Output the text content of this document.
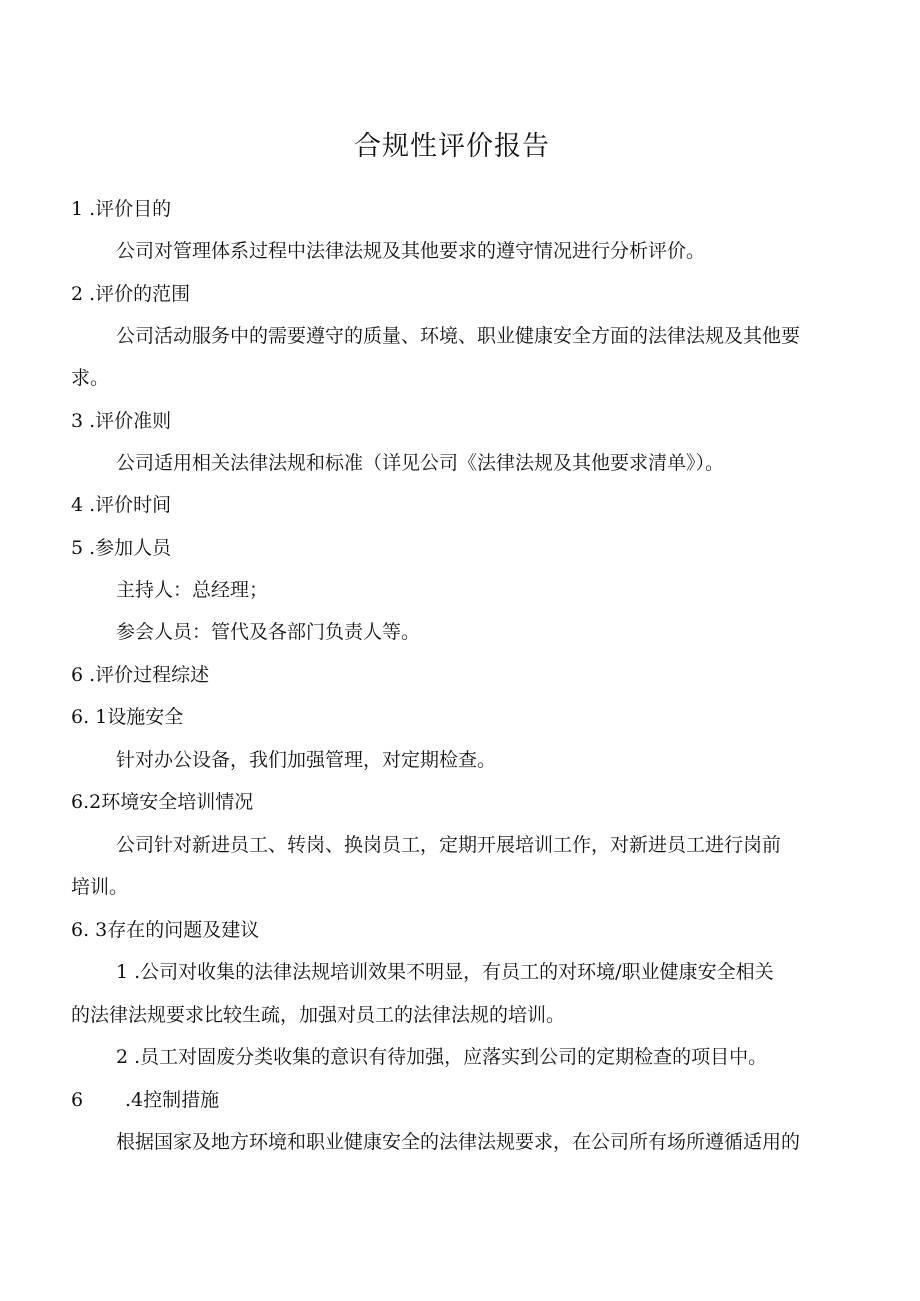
合规性评价报告
1 .评价目的
公司对管理体系过程中法律法规及其他要求的遵守情况进行分析评价。
2 .评价的范围
公司活动服务中的需要遵守的质量、环境、职业健康安全方面的法律法规及其他要
求。
3 .评价准则
公司适用相关法律法规和标准（详见公司《法律法规及其他要求清单》）。
4 .评价时间
5 .参加人员
主持人：总经理；
参会人员：管代及各部门负责人等。
6 .评价过程综述
6. 1设施安全
针对办公设备，我们加强管理，对定期检查。
6.2环境安全培训情况
公司针对新进员工、转岗、换岗员工，定期开展培训工作，对新进员工进行岗前
培训。
6. 3存在的问题及建议
1 .公司对收集的法律法规培训效果不明显，有员工的对环境/职业健康安全相关
的法律法规要求比较生疏，加强对员工的法律法规的培训。
2 .员工对固废分类收集的意识有待加强，应落实到公司的定期检查的项目中。
6 .4控制措施
根据国家及地方环境和职业健康安全的法律法规要求，在公司所有场所遵循适用的
